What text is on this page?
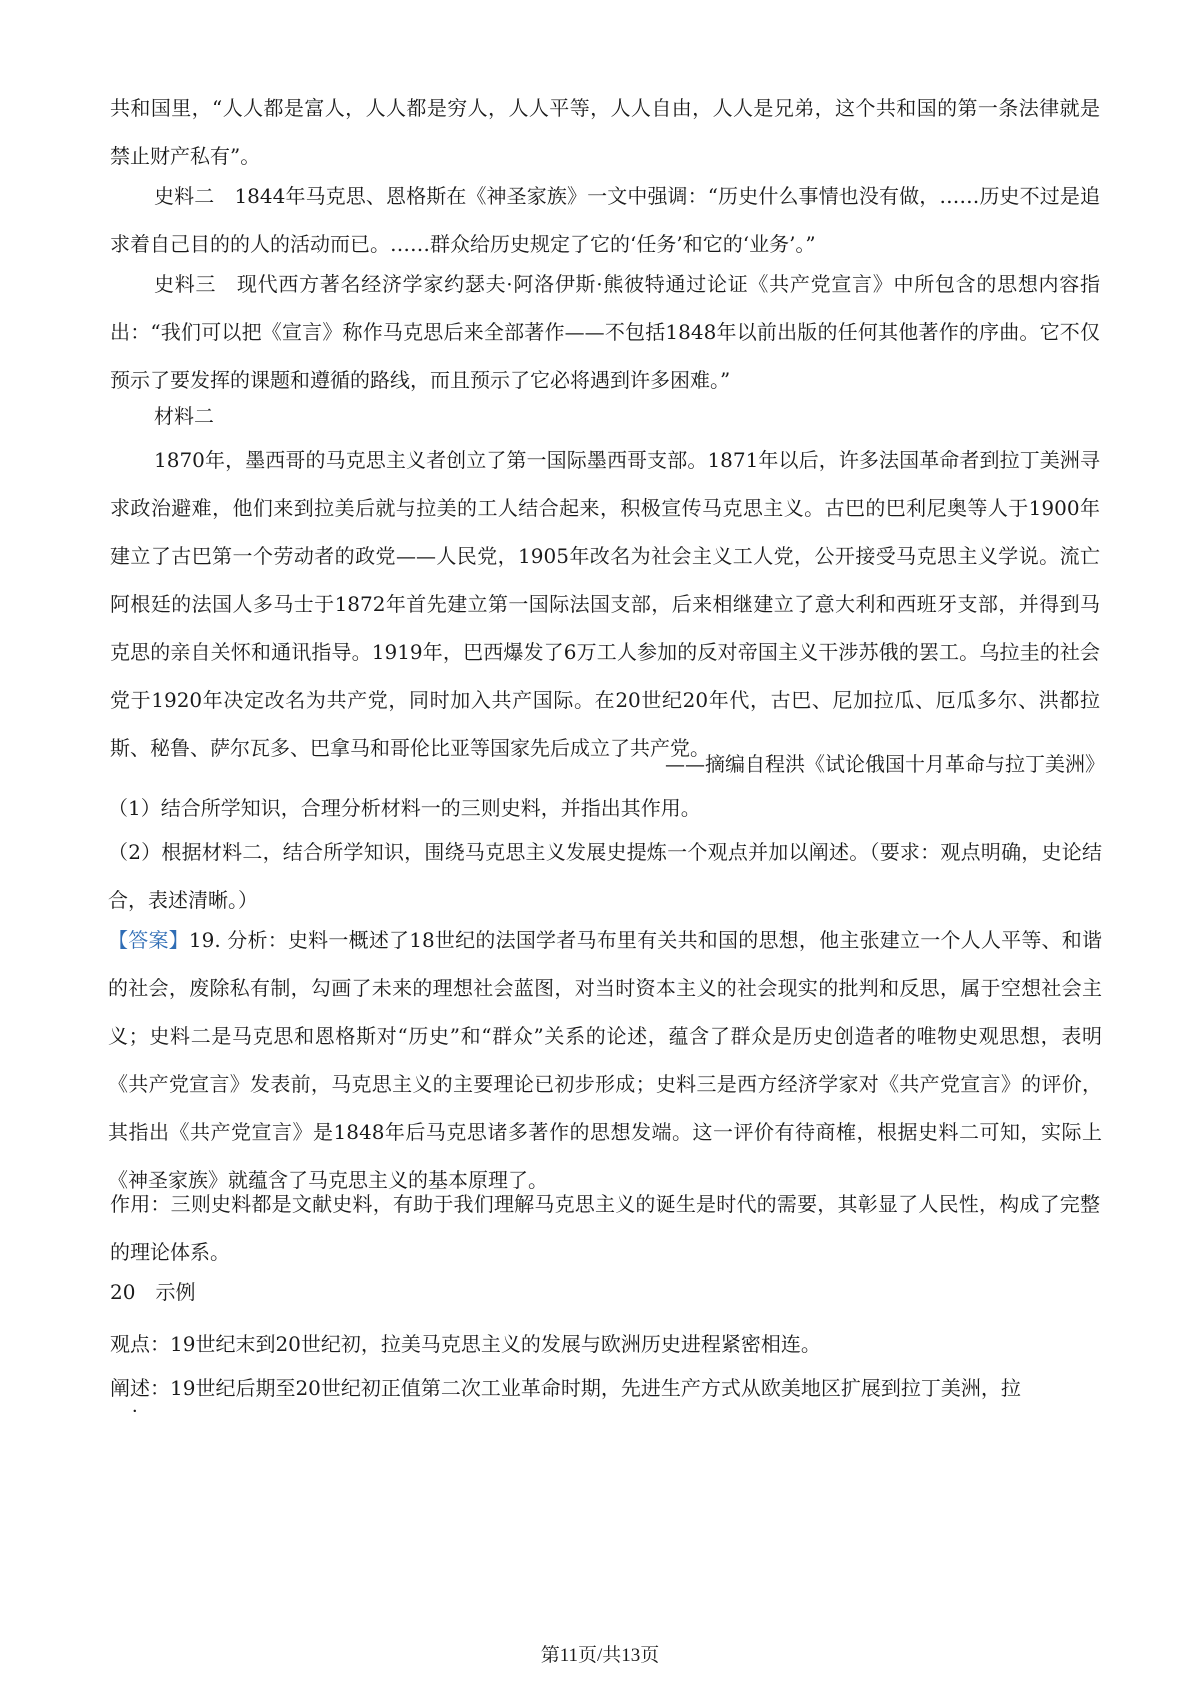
共和国里，“人人都是富人，人人都是穷人，人人平等，人人自由，人人是兄弟，这个共和国的第一条法律就是禁止财产私有”。

史料二　1844年马克思、恩格斯在《神圣家族》一文中强调：“历史什么事情也没有做，……历史不过是追求着自己目的的人的活动而已。……群众给历史规定了它的‘任务’和它的‘业务’。”

史料三　现代西方著名经济学家约瑟夫·阿洛伊斯·熊彼特通过论证《共产党宣言》中所包含的思想内容指出：“我们可以把《宣言》称作马克思后来全部著作——不包括1848年以前出版的任何其他著作的序曲。它不仅预示了要发挥的课题和遵循的路线，而且预示了它必将遇到许多困难。”

材料二

1870年，墨西哥的马克思主义者创立了第一国际墨西哥支部。1871年以后，许多法国革命者到拉丁美洲寻求政治避难，他们来到拉美后就与拉美的工人结合起来，积极宣传马克思主义。古巴的巴利尼奥等人于1900年建立了古巴第一个劳动者的政党——人民党，1905年改名为社会主义工人党，公开接受马克思主义学说。流亡阿根廷的法国人多马士于1872年首先建立第一国际法国支部，后来相继建立了意大利和西班牙支部，并得到马克思的亲自关怀和通讯指导。1919年，巴西爆发了6万工人参加的反对帝国主义干涉苏俄的罢工。乌拉圭的社会党于1920年决定改名为共产党，同时加入共产国际。在20世纪20年代，古巴、尼加拉瓜、厄瓜多尔、洪都拉斯、秘鲁、萨尔瓦多、巴拿马和哥伦比亚等国家先后成立了共产党。

——摘编自程洪《试论俄国十月革命与拉丁美洲》

（1）结合所学知识，合理分析材料一的三则史料，并指出其作用。

（2）根据材料二，结合所学知识，围绕马克思主义发展史提炼一个观点并加以阐述。（要求：观点明确，史论结合，表述清晰。）

【答案】19. 分析：史料一概述了18世纪的法国学者马布里有关共和国的思想，他主张建立一个人人平等、和谐的社会，废除私有制，勾画了未来的理想社会蓝图，对当时资本主义的社会现实的批判和反思，属于空想社会主义；史料二是马克思和恩格斯对“历史”和“群众”关系的论述，蕴含了群众是历史创造者的唯物史观思想，表明《共产党宣言》发表前，马克思主义的主要理论已初步形成；史料三是西方经济学家对《共产党宣言》的评价，其指出《共产党宣言》是1848年后马克思诸多著作的思想发端。这一评价有待商榷，根据史料二可知，实际上《神圣家族》就蕴含了马克思主义的基本原理了。

作用：三则史料都是文献史料，有助于我们理解马克思主义的诞生是时代的需要，其彰显了人民性，构成了完整的理论体系。

20　示例

．

观点：19世纪末到20世纪初，拉美马克思主义的发展与欧洲历史进程紧密相连。

阐述：19世纪后期至20世纪初正值第二次工业革命时期，先进生产方式从欧美地区扩展到拉丁美洲，拉

第11页/共13页
